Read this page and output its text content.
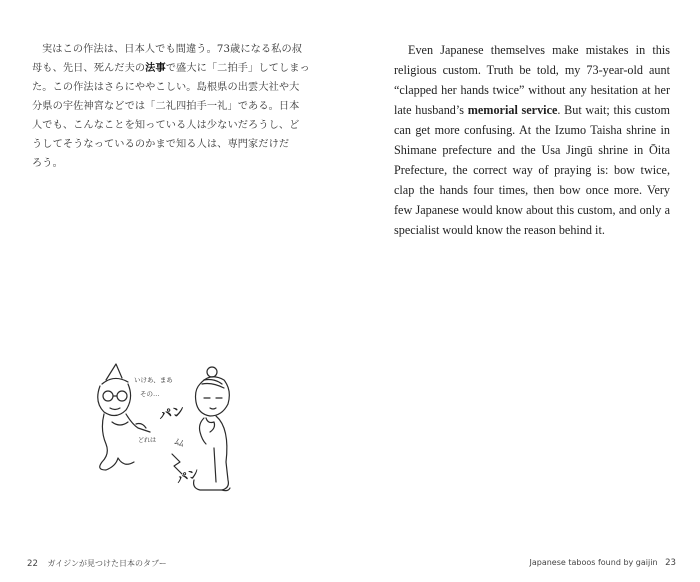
実はこの作法は、日本人でも間違う。73歳になる私の叔
母も、先日、死んだ夫の法事で盛大に「二拍手」してしまっ
た。この作法はさらにややこしい。島根県の出雲大社や大
分県の宇佐神宮などでは「二礼四拍手一礼」である。日本
人でも、こんなことを知っている人は少ないだろうし、ど
うしてそうなっているのかまで知る人は、専門家だけだ
ろう。
いけあ、まあ
その…
パン
どれは ﾑﾑ
パン
22 ガイジンが見つけた日本のタブー

Even Japanese themselves make mistakes in this religious custom. Truth be told, my 73-year-old aunt “clapped her hands twice” without any hesitation at her late husband’s memorial service. But wait; this custom can get more confusing. At the Izumo Taisha shrine in Shimane prefecture and the Usa Jingū shrine in Ōita Prefecture, the correct way of praying is: bow twice, clap the hands four times, then bow once more. Very few Japanese would know about this custom, and only a specialist would know the reason behind it.

Japanese taboos found by gaijin 23
